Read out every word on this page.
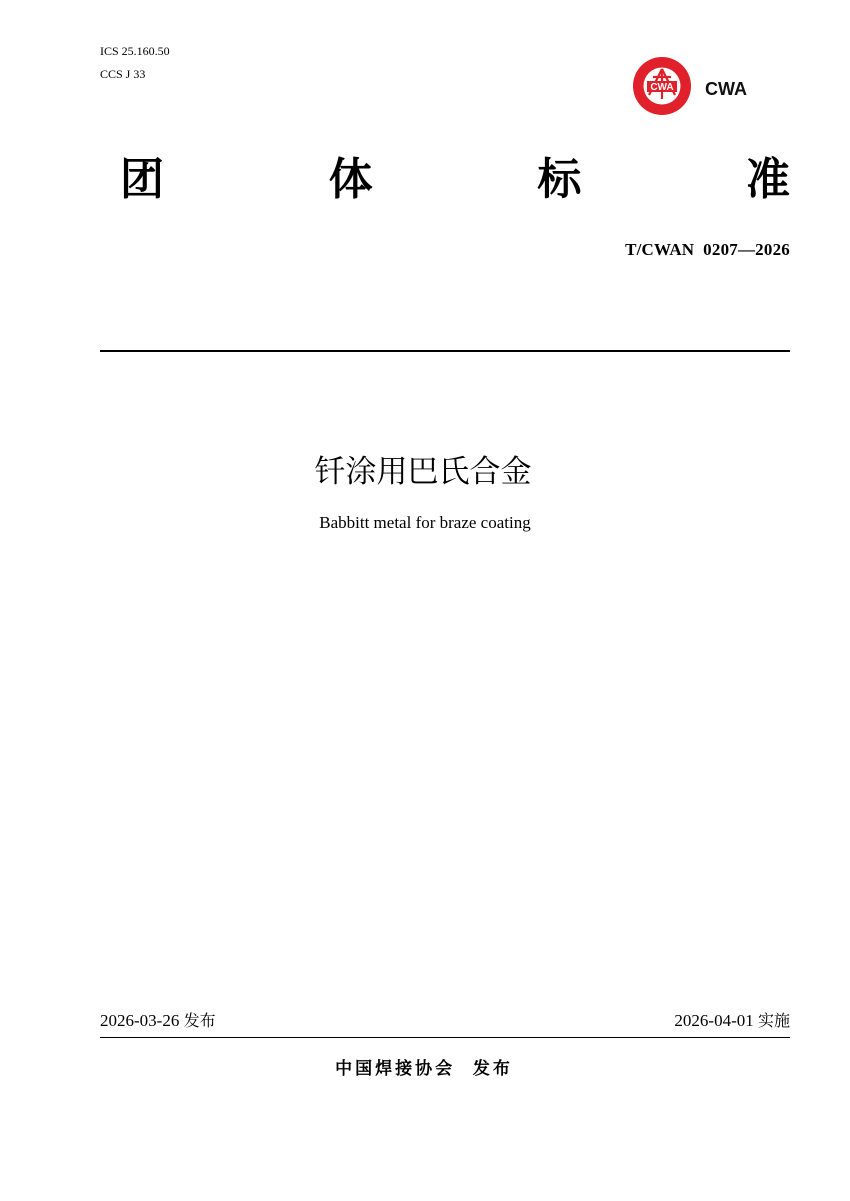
ICS 25.160.50
CCS J 33
CWA CWA
团	体	标	准
T/CWAN  0207—2026
钎涂用巴氏合金
Babbitt metal for braze coating
2026-03-26 发布	2026-04-01 实施
中国焊接协会  发布
